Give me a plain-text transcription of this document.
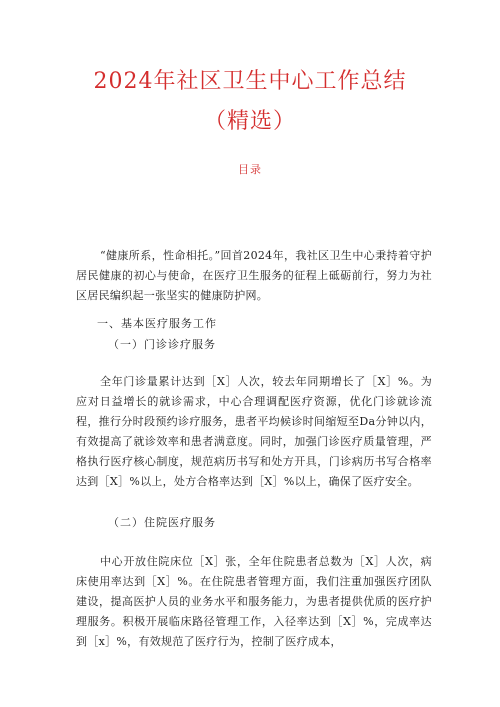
2024年社区卫生中心工作总结
（精选）
目录
“健康所系，性命相托。”回首2024年，我社区卫生中心秉持着守护居民健康的初心与使命，在医疗卫生服务的征程上砥砺前行，努力为社区居民编织起一张坚实的健康防护网。
一、基本医疗服务工作
（一）门诊诊疗服务
全年门诊量累计达到［X］人次，较去年同期增长了［X］%。为应对日益增长的就诊需求，中心合理调配医疗资源，优化门诊就诊流程，推行分时段预约诊疗服务，患者平均候诊时间缩短至Da分钟以内，有效提高了就诊效率和患者满意度。同时，加强门诊医疗质量管理，严格执行医疗核心制度，规范病历书写和处方开具，门诊病历书写合格率达到［X］%以上，处方合格率达到［X］%以上，确保了医疗安全。
（二）住院医疗服务
中心开放住院床位［X］张，全年住院患者总数为［X］人次，病床使用率达到［X］%。在住院患者管理方面，我们注重加强医疗团队建设，提高医护人员的业务水平和服务能力，为患者提供优质的医疗护理服务。积极开展临床路径管理工作，入径率达到［X］%，完成率达到［x］%，有效规范了医疗行为，控制了医疗成本，
